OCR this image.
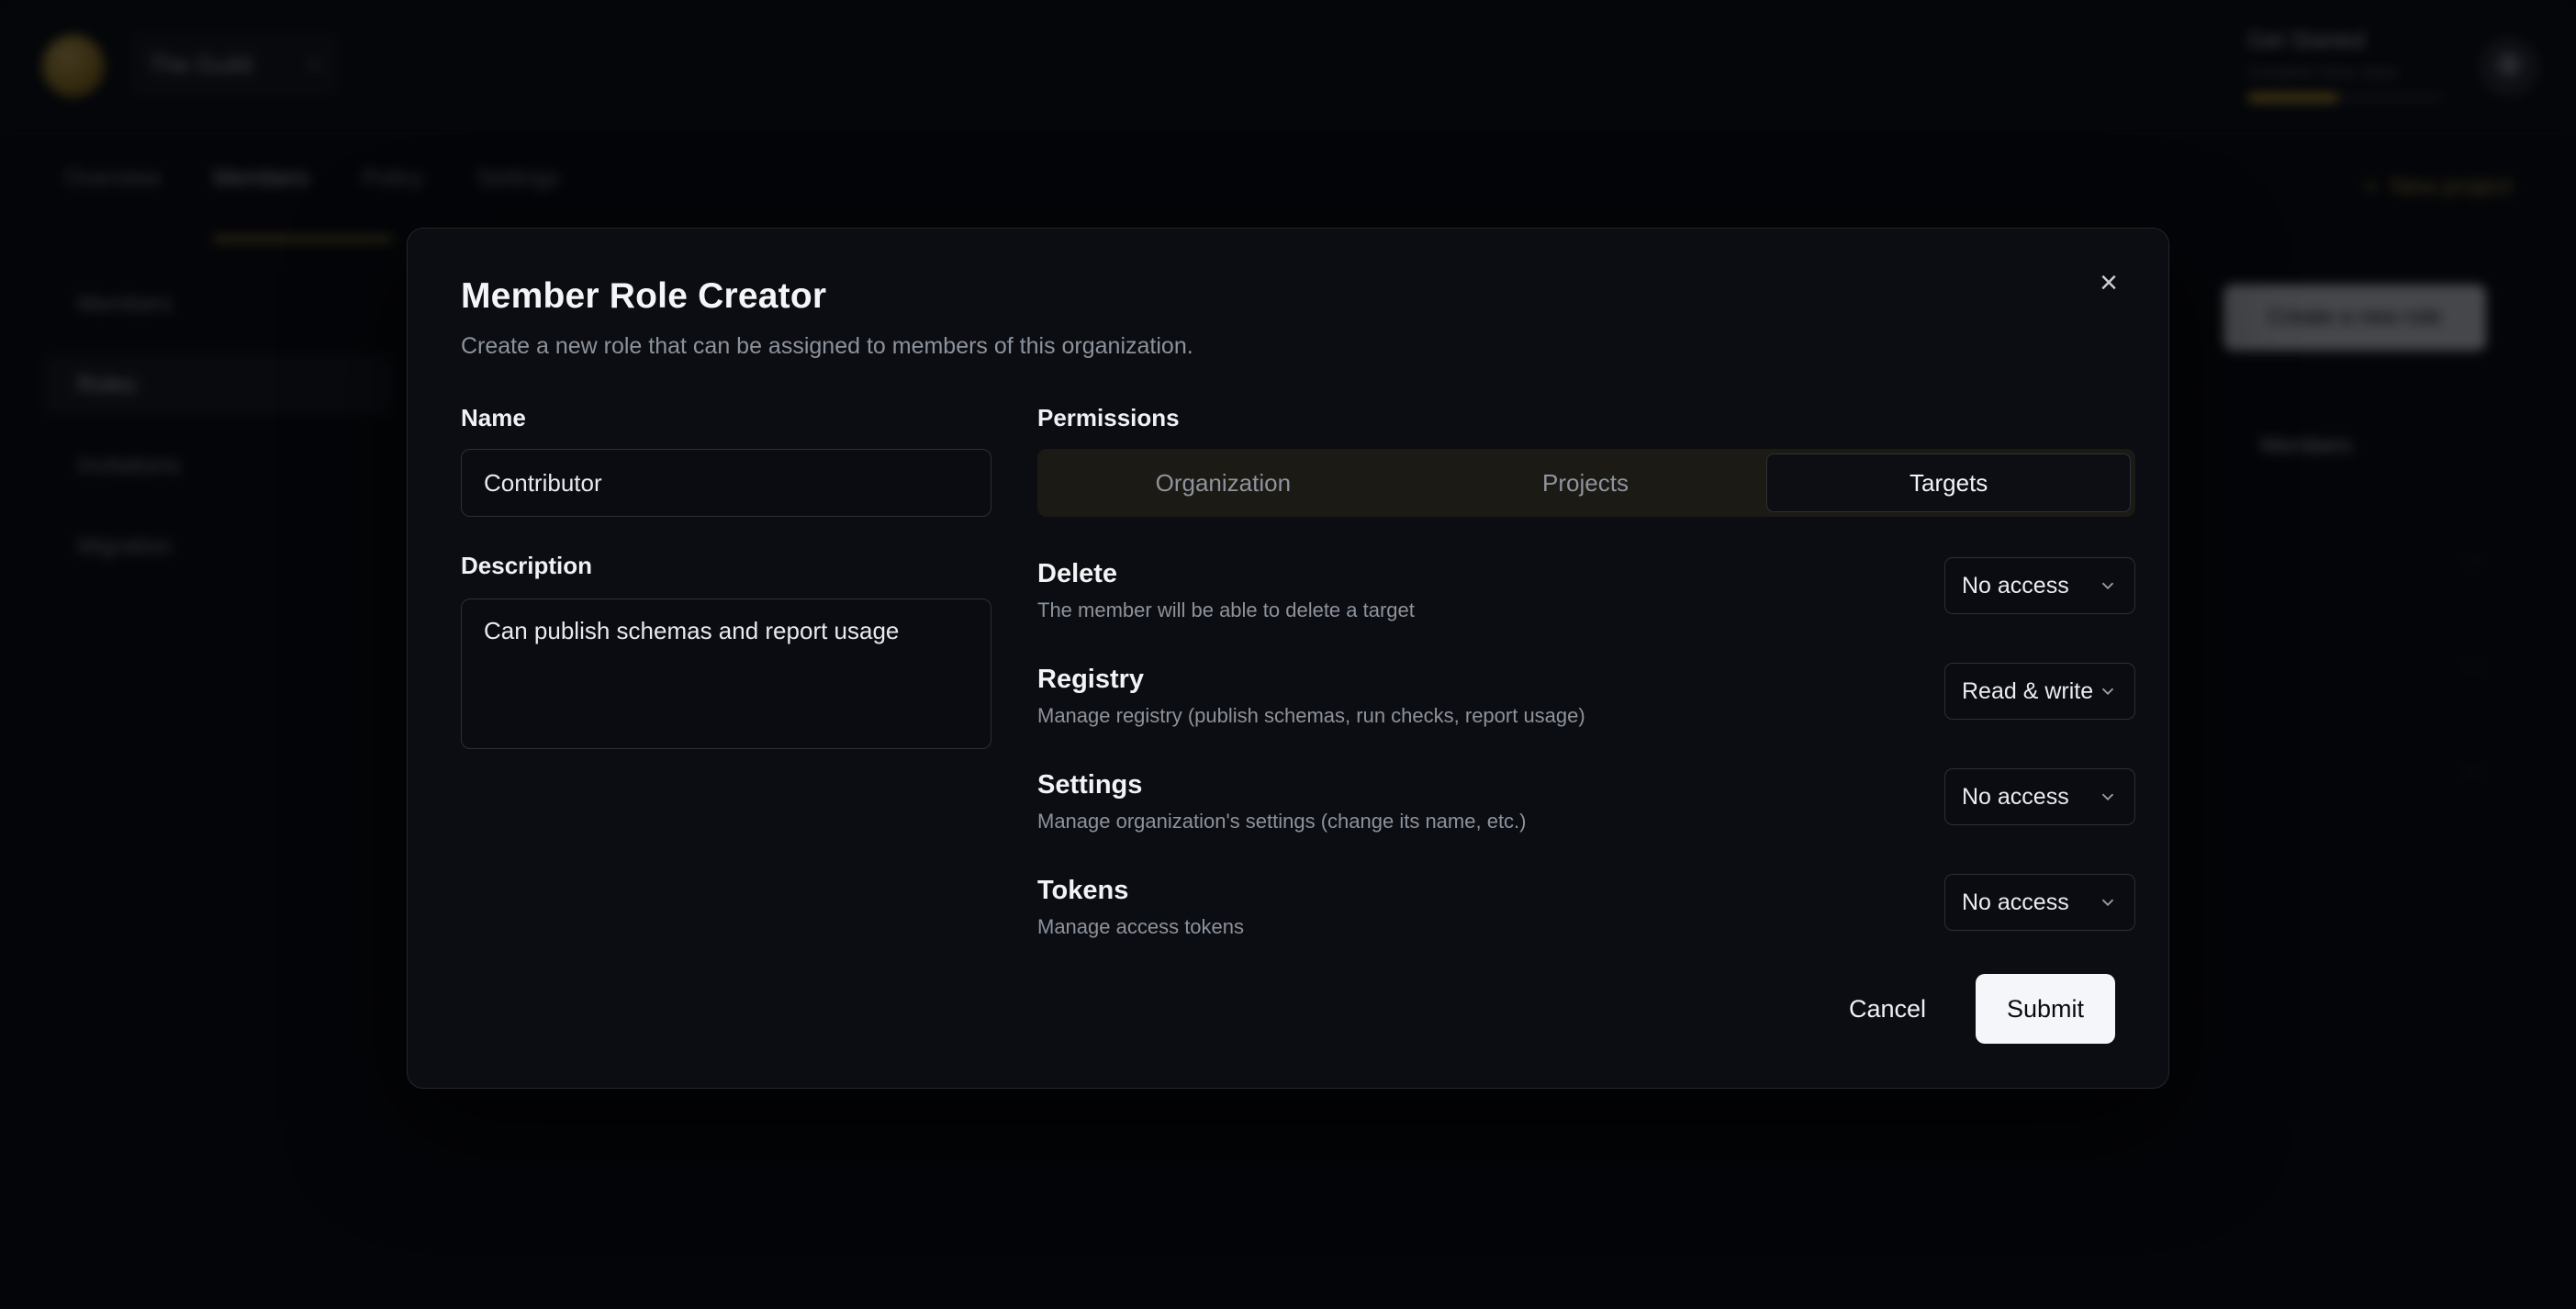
×
Member Role Creator
Create a new role that can be assigned to members of this organization.
Name
Contributor
Description
Can publish schemas and report usage
Permissions
Organization	Projects	Targets
Delete
The member will be able to delete a target
No access
Registry
Manage registry (publish schemas, run checks, report usage)
Read & write
Settings
Manage organization's settings (change its name, etc.)
No access
Tokens
Manage access tokens
No access
Cancel	Submit
